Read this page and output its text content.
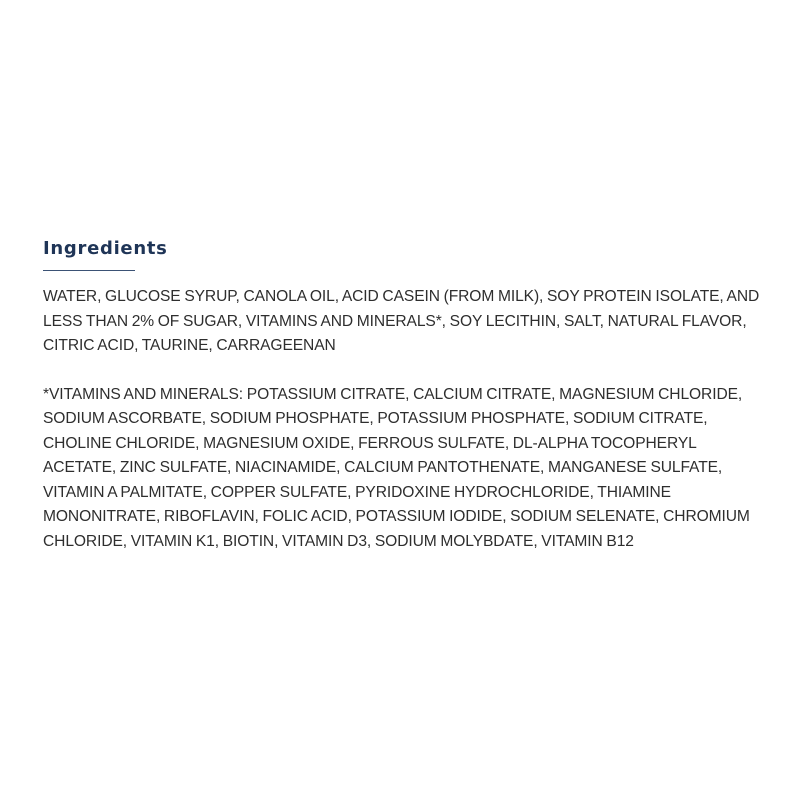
Ingredients

WATER, GLUCOSE SYRUP, CANOLA OIL, ACID CASEIN (FROM MILK), SOY PROTEIN ISOLATE, AND LESS THAN 2% OF SUGAR, VITAMINS AND MINERALS*, SOY LECITHIN, SALT, NATURAL FLAVOR, CITRIC ACID, TAURINE, CARRAGEENAN

*VITAMINS AND MINERALS: POTASSIUM CITRATE, CALCIUM CITRATE, MAGNESIUM CHLORIDE, SODIUM ASCORBATE, SODIUM PHOSPHATE, POTASSIUM PHOSPHATE, SODIUM CITRATE, CHOLINE CHLORIDE, MAGNESIUM OXIDE, FERROUS SULFATE, DL-ALPHA TOCOPHERYL ACETATE, ZINC SULFATE, NIACINAMIDE, CALCIUM PANTOTHENATE, MANGANESE SULFATE, VITAMIN A PALMITATE, COPPER SULFATE, PYRIDOXINE HYDROCHLORIDE, THIAMINE MONONITRATE, RIBOFLAVIN, FOLIC ACID, POTASSIUM IODIDE, SODIUM SELENATE, CHROMIUM CHLORIDE, VITAMIN K1, BIOTIN, VITAMIN D3, SODIUM MOLYBDATE, VITAMIN B12
